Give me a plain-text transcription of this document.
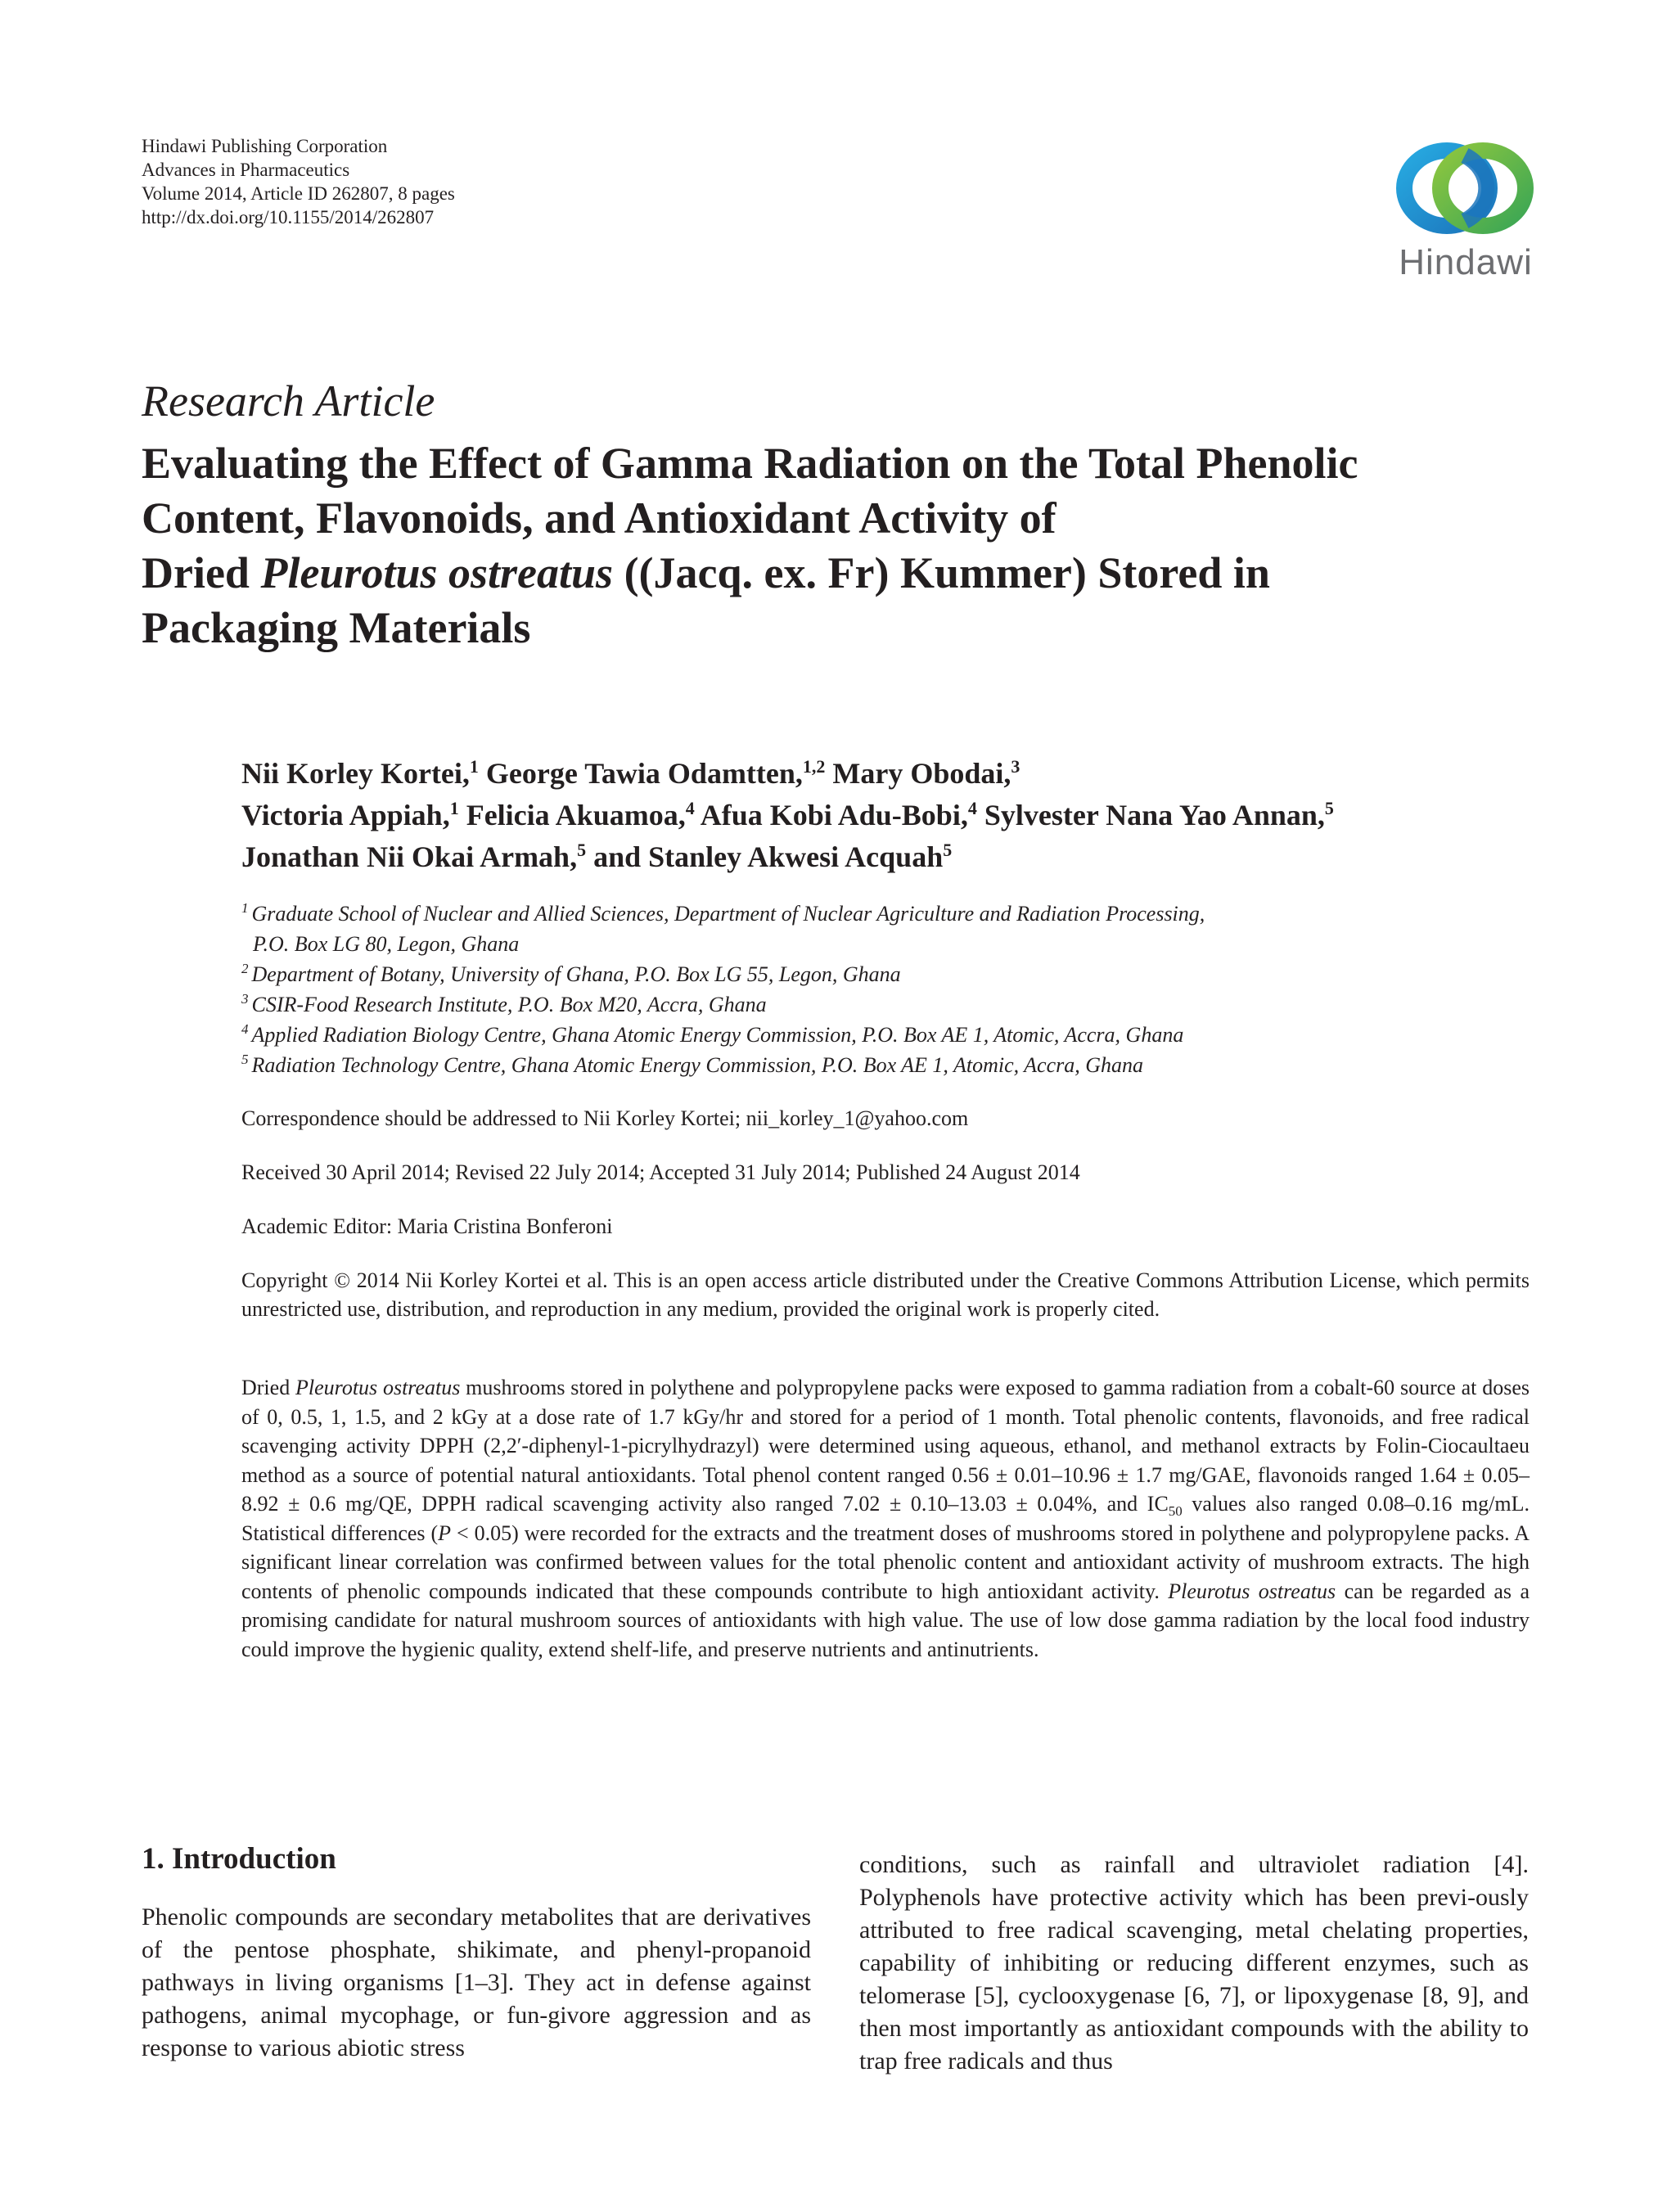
Hindawi Publishing Corporation
Advances in Pharmaceutics
Volume 2014, Article ID 262807, 8 pages
http://dx.doi.org/10.1155/2014/262807
Hindawi
Research Article
Evaluating the Effect of Gamma Radiation on the Total Phenolic
Content, Flavonoids, and Antioxidant Activity of
Dried Pleurotus ostreatus ((Jacq. ex. Fr) Kummer) Stored in
Packaging Materials
Nii Korley Kortei,$^1$ George Tawia Odamtten,$^{1,2}$ Mary Obodai,$^3$
Victoria Appiah,$^1$ Felicia Akuamoa,$^4$ Afua Kobi Adu-Bobi,$^4$ Sylvester Nana Yao Annan,$^5$
Jonathan Nii Okai Armah,$^5$ and Stanley Akwesi Acquah$^5$
$^1$ Graduate School of Nuclear and Allied Sciences, Department of Nuclear Agriculture and Radiation Processing,
P.O. Box LG 80, Legon, Ghana
$^2$ Department of Botany, University of Ghana, P.O. Box LG 55, Legon, Ghana
$^3$ CSIR-Food Research Institute, P.O. Box M20, Accra, Ghana
$^4$ Applied Radiation Biology Centre, Ghana Atomic Energy Commission, P.O. Box AE 1, Atomic, Accra, Ghana
$^5$ Radiation Technology Centre, Ghana Atomic Energy Commission, P.O. Box AE 1, Atomic, Accra, Ghana
Correspondence should be addressed to Nii Korley Kortei; nii_korley_1@yahoo.com
Received 30 April 2014; Revised 22 July 2014; Accepted 31 July 2014; Published 24 August 2014
Academic Editor: Maria Cristina Bonferoni
Copyright © 2014 Nii Korley Kortei et al. This is an open access article distributed under the Creative Commons Attribution License, which permits unrestricted use, distribution, and reproduction in any medium, provided the original work is properly cited.
Dried Pleurotus ostreatus mushrooms stored in polythene and polypropylene packs were exposed to gamma radiation from a cobalt-60 source at doses of 0, 0.5, 1, 1.5, and 2 kGy at a dose rate of 1.7 kGy/hr and stored for a period of 1 month. Total phenolic contents, flavonoids, and free radical scavenging activity DPPH (2,2′-diphenyl-1-picrylhydrazyl) were determined using aqueous, ethanol, and methanol extracts by Folin-Ciocaultaeu method as a source of potential natural antioxidants. Total phenol content ranged 0.56 ± 0.01–10.96 ± 1.7 mg/GAE, flavonoids ranged 1.64 ± 0.05–8.92 ± 0.6 mg/QE, DPPH radical scavenging activity also ranged 7.02 ± 0.10–13.03 ± 0.04%, and $IC_{50}$ values also ranged 0.08–0.16 mg/mL. Statistical differences (P < 0.05) were recorded for the extracts and the treatment doses of mushrooms stored in polythene and polypropylene packs. A significant linear correlation was confirmed between values for the total phenolic content and antioxidant activity of mushroom extracts. The high contents of phenolic compounds indicated that these compounds contribute to high antioxidant activity. Pleurotus ostreatus can be regarded as a promising candidate for natural mushroom sources of antioxidants with high value. The use of low dose gamma radiation by the local food industry could improve the hygienic quality, extend shelf-life, and preserve nutrients and antinutrients.
1. Introduction
Phenolic compounds are secondary metabolites that are derivatives of the pentose phosphate, shikimate, and phenyl-propanoid pathways in living organisms [1–3]. They act in defense against pathogens, animal mycophage, or fun-givore aggression and as response to various abiotic stress
conditions, such as rainfall and ultraviolet radiation [4]. Polyphenols have protective activity which has been previ-ously attributed to free radical scavenging, metal chelating properties, capability of inhibiting or reducing different enzymes, such as telomerase [5], cyclooxygenase [6, 7], or lipoxygenase [8, 9], and then most importantly as antioxidant compounds with the ability to trap free radicals and thus
